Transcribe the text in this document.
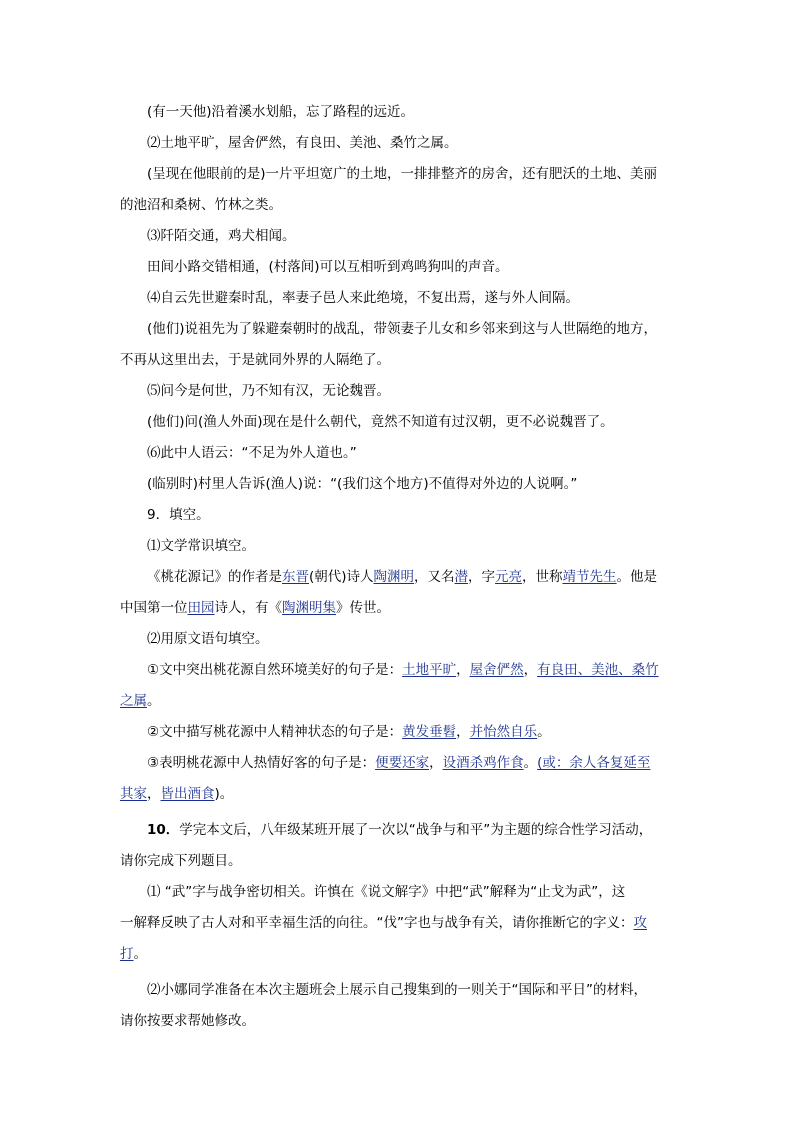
(有一天他)沿着溪水划船，忘了路程的远近。
⑵土地平旷，屋舍俨然，有良田、美池、桑竹之属。
(呈现在他眼前的是)一片平坦宽广的土地，一排排整齐的房舍，还有肥沃的土地、美丽
的池沼和桑树、竹林之类。
⑶阡陌交通，鸡犬相闻。
田间小路交错相通，(村落间)可以互相听到鸡鸣狗叫的声音。
⑷自云先世避秦时乱，率妻子邑人来此绝境，不复出焉，遂与外人间隔。
(他们)说祖先为了躲避秦朝时的战乱，带领妻子儿女和乡邻来到这与人世隔绝的地方，
不再从这里出去，于是就同外界的人隔绝了。
⑸问今是何世，乃不知有汉，无论魏晋。
(他们)问(渔人外面)现在是什么朝代，竟然不知道有过汉朝，更不必说魏晋了。
⑹此中人语云：“不足为外人道也。”
(临别时)村里人告诉(渔人)说：“(我们这个地方)不值得对外边的人说啊。”
9．填空。
⑴文学常识填空。
《桃花源记》的作者是东晋(朝代)诗人陶渊明，又名潜，字元亮，世称靖节先生。他是
中国第一位田园诗人，有《陶渊明集》传世。
⑵用原文语句填空。
①文中突出桃花源自然环境美好的句子是：土地平旷，屋舍俨然，有良田、美池、桑竹
之属。
②文中描写桃花源中人精神状态的句子是：黄发垂髫，并怡然自乐。
③表明桃花源中人热情好客的句子是：便要还家，设酒杀鸡作食。(或：余人各复延至
其家，皆出酒食)。
10．学完本文后，八年级某班开展了一次以“战争与和平”为主题的综合性学习活动，
请你完成下列题目。
⑴ “武”字与战争密切相关。许慎在《说文解字》中把“武”解释为“止戈为武”，这
一解释反映了古人对和平幸福生活的向往。“伐”字也与战争有关，请你推断它的字义：攻
打。
⑵小娜同学准备在本次主题班会上展示自己搜集到的一则关于“国际和平日”的材料，
请你按要求帮她修改。
